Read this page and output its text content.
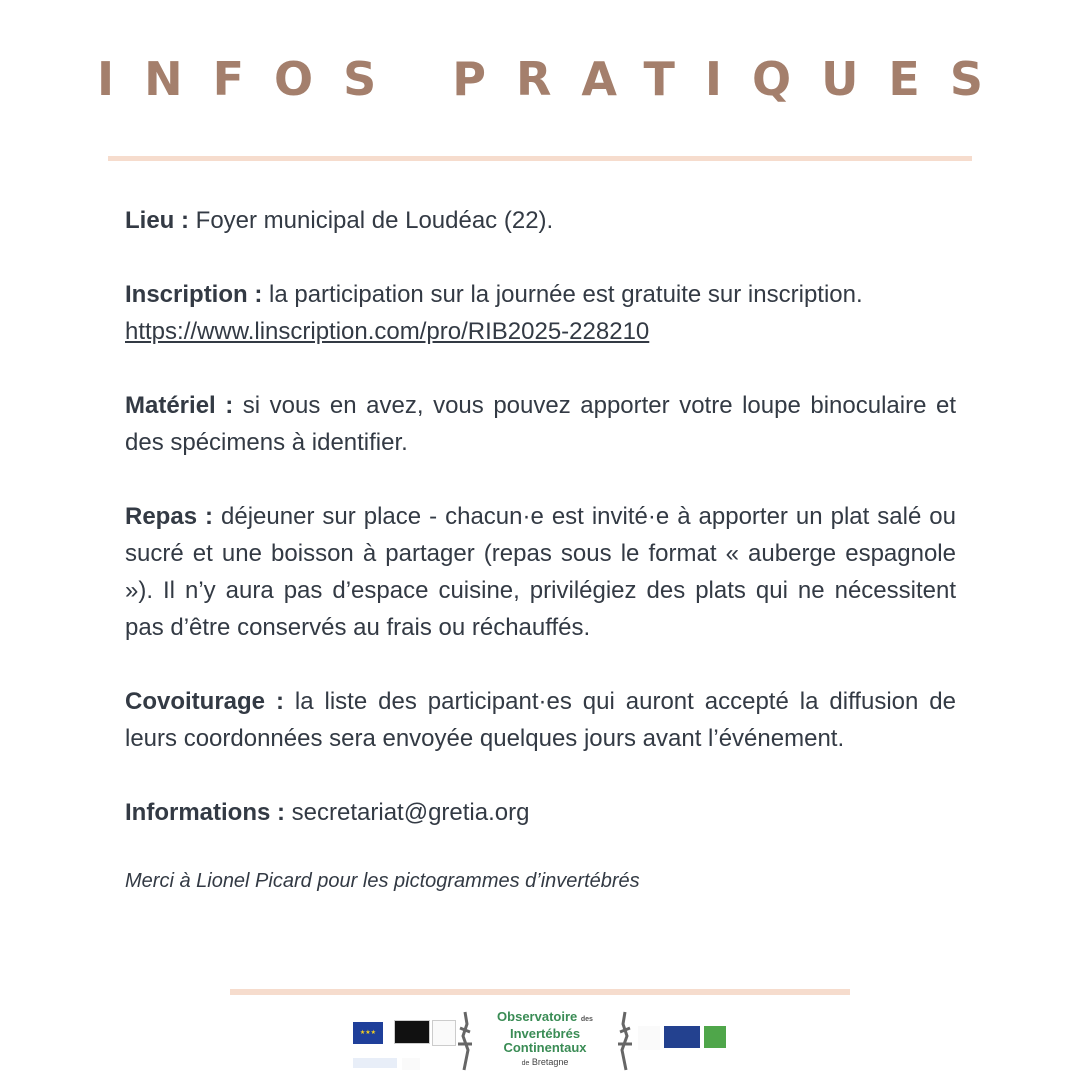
INFOS PRATIQUES

Lieu : Foyer municipal de Loudéac (22).

Inscription : la participation sur la journée est gratuite sur inscription.
https://www.linscription.com/pro/RIB2025-228210

Matériel : si vous en avez, vous pouvez apporter votre loupe binoculaire et des spécimens à identifier.

Repas : déjeuner sur place - chacun·e est invité·e à apporter un plat salé ou sucré et une boisson à partager (repas sous le format « auberge espagnole »). Il n’y aura pas d’espace cuisine, privilégiez des plats qui ne nécessitent pas d’être conservés au frais ou réchauffés.

Covoiturage : la liste des participant·es qui auront accepté la diffusion de leurs coordonnées sera envoyée quelques jours avant l’événement.

Informations : secretariat@gretia.org

Merci à Lionel Picard pour les pictogrammes d’invertébrés
★★★
Observatoire des
Invertébrés Continentaux
de Bretagne
